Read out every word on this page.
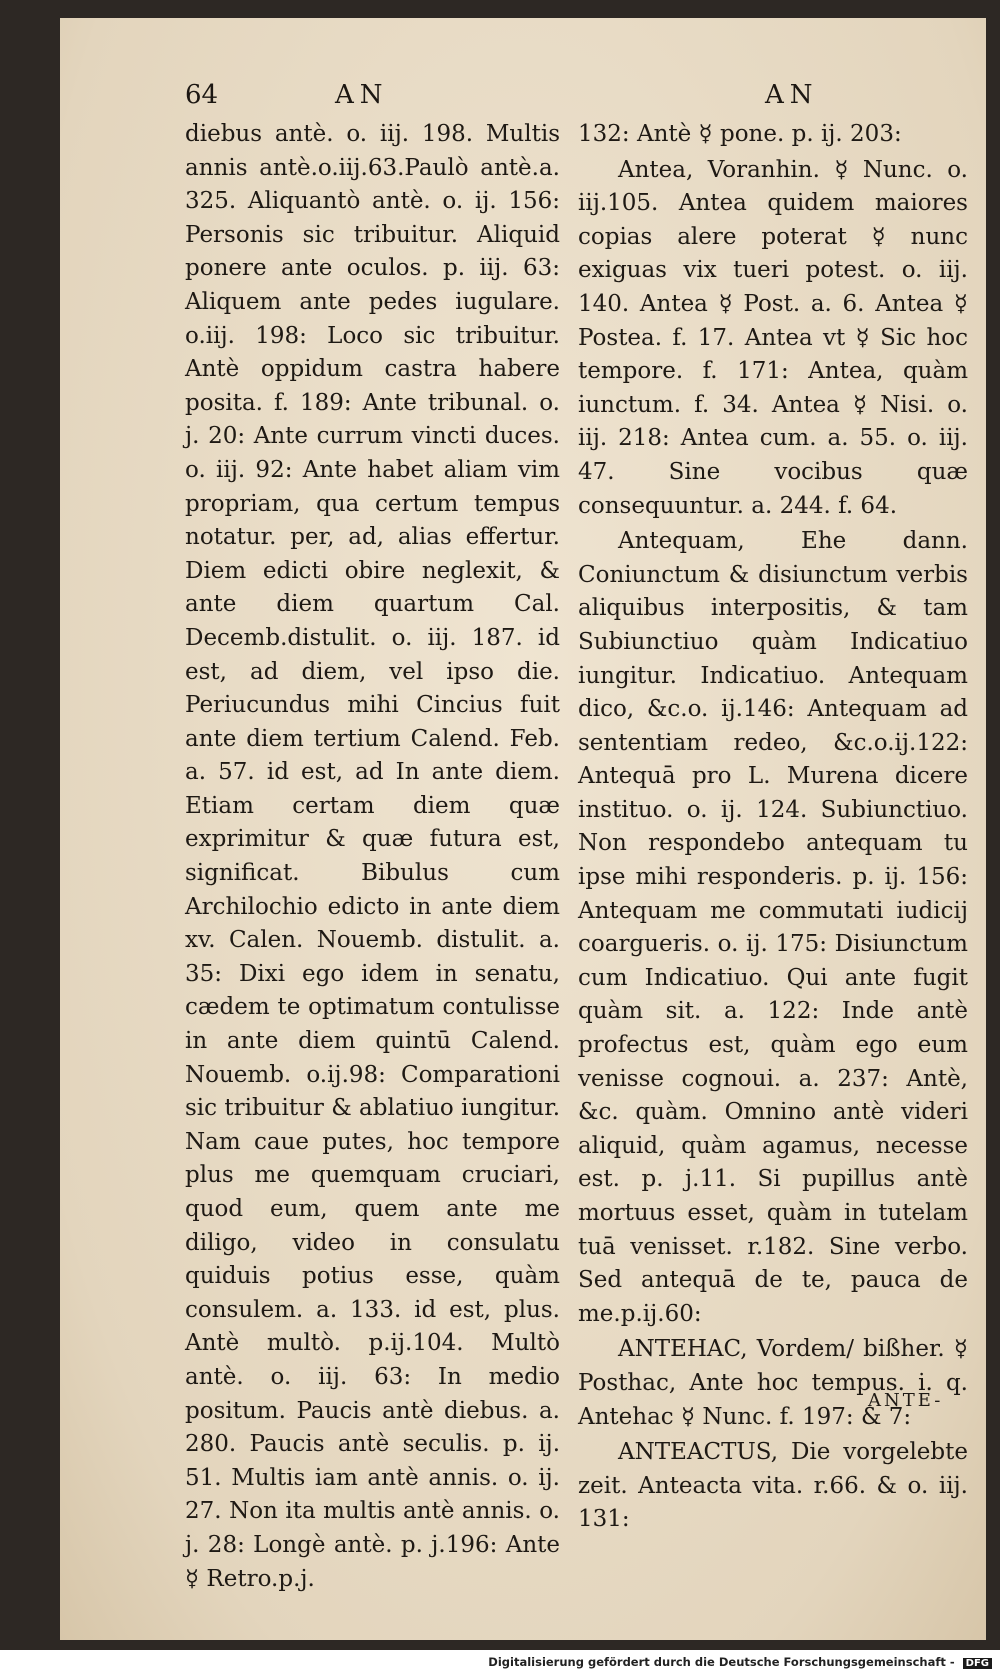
64	AN	AN

diebus antè. o. iij. 198. Multis annis antè.o.iij.63.Paulò antè.a. 325. Aliquantò antè. o. ij. 156: Personis sic tribuitur. Aliquid ponere ante oculos. p. iij. 63: Aliquem ante pedes iugulare. o.iij. 198: Loco sic tribuitur. Antè oppidum castra habere posita. f. 189: Ante tribunal. o. j. 20: Ante currum vincti duces. o. iij. 92: Ante habet aliam vim propriam, qua certum tempus notatur. per, ad, alias effertur. Diem edicti obire neglexit, & ante diem quartum Cal. Decemb.distulit. o. iij. 187. id est, ad diem, vel ipso die. Periucundus mihi Cincius fuit ante diem tertium Calend. Feb. a. 57. id est, ad In ante diem. Etiam certam diem quæ exprimitur & quæ futura est, significat. Bibulus cum Archilochio edicto in ante diem xv. Calen. Nouemb. distulit. a. 35: Dixi ego idem in senatu, cædem te optimatum contulisse in ante diem quintū Calend. Nouemb. o.ij.98: Comparationi sic tribuitur & ablatiuo iungitur. Nam caue putes, hoc tempore plus me quemquam cruciari, quod eum, quem ante me diligo, video in consulatu quiduis potius esse, quàm consulem. a. 133. id est, plus. Antè multò. p.ij.104. Multò antè. o. iij. 63: In medio positum. Paucis antè diebus. a. 280. Paucis antè seculis. p. ij. 51. Multis iam antè annis. o. ij. 27. Non ita multis antè annis. o. j. 28: Longè antè. p. j.196: Ante ☿ Retro.p.j.

132: Antè ☿ pone. p. ij. 203:

Antea, Voranhin. ☿ Nunc. o. iij.105. Antea quidem maiores copias alere poterat ☿ nunc exiguas vix tueri potest. o. iij. 140. Antea ☿ Post. a. 6. Antea ☿ Postea. f. 17. Antea vt ☿ Sic hoc tempore. f. 171: Antea, quàm iunctum. f. 34. Antea ☿ Nisi. o. iij. 218: Antea cum. a. 55. o. iij. 47. Sine vocibus quæ consequuntur. a. 244. f. 64.

Antequam, Ehe dann. Coniunctum & disiunctum verbis aliquibus interpositis, & tam Subiunctiuo quàm Indicatiuo iungitur. Indicatiuo. Antequam dico, &c.o. ij.146: Antequam ad sententiam redeo, &c.o.ij.122: Antequā pro L. Murena dicere instituo. o. ij. 124. Subiunctiuo. Non respondebo antequam tu ipse mihi responderis. p. ij. 156: Antequam me commutati iudicij coargueris. o. ij. 175: Disiunctum cum Indicatiuo. Qui ante fugit quàm sit. a. 122: Inde antè profectus est, quàm ego eum venisse cognoui. a. 237: Antè, &c. quàm. Omnino antè videri aliquid, quàm agamus, necesse est. p. j.11. Si pupillus antè mortuus esset, quàm in tutelam tuā venisset. r.182. Sine verbo. Sed antequā de te, pauca de me.p.ij.60:

ANTEHAC, Vordem/ bißher. ☿ Posthac, Ante hoc tempus. i. q. Antehac ☿ Nunc. f. 197: & 7:

ANTEACTUS, Die vorgelebte zeit. Anteacta vita. r.66. & o. iij. 131:

ANTE-
Digitalisierung gefördert durch die Deutsche Forschungsgemeinschaft - DFG
